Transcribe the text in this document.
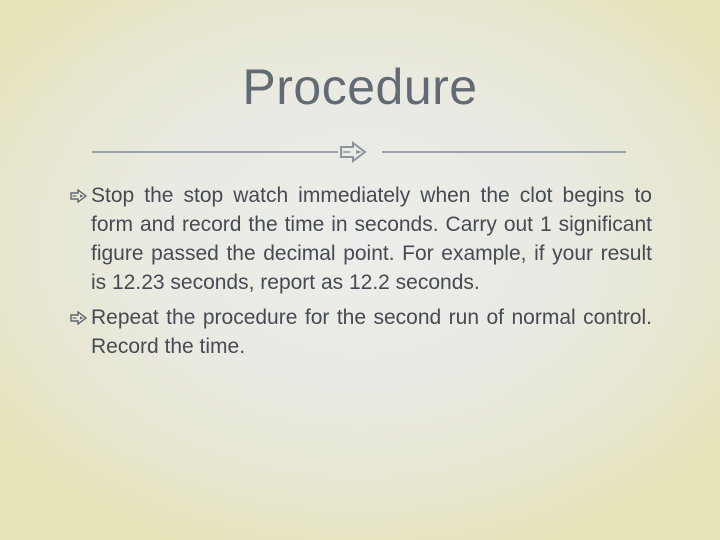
Procedure
Stop the stop watch immediately when the clot begins to form and record the time in seconds. Carry out 1 significant figure passed the decimal point. For example, if your result is 12.23 seconds, report as 12.2 seconds.
Repeat the procedure for the second run of normal control. Record the time.
